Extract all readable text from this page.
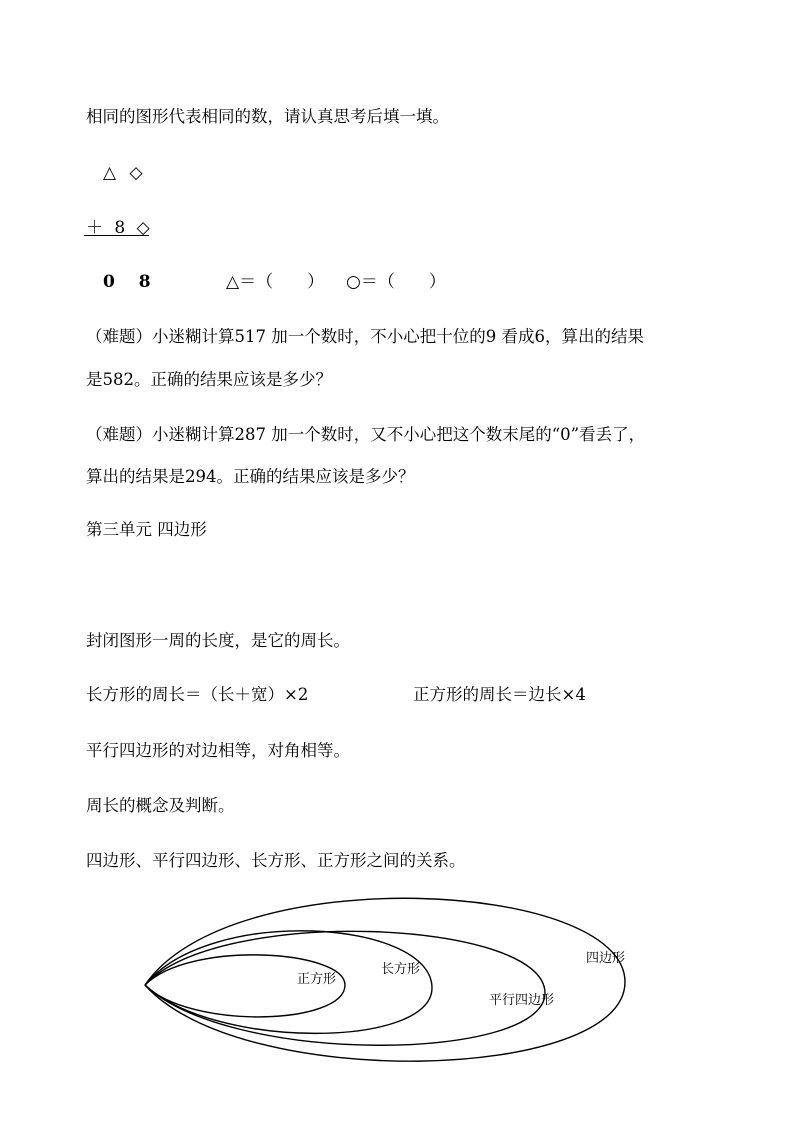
相同的图形代表相同的数，请认真思考后填一填。
△ ◇
＋ 8 ◇
0 8	△＝（　　） ○＝（　　）
（难题）小迷糊计算517 加一个数时，不小心把十位的9 看成6，算出的结果
是582。正确的结果应该是多少？
（难题）小迷糊计算287 加一个数时，又不小心把这个数末尾的“0”看丢了，
算出的结果是294。正确的结果应该是多少？
第三单元 四边形
封闭图形一周的长度，是它的周长。
长方形的周长＝（长＋宽）×2	正方形的周长＝边长×4
平行四边形的对边相等，对角相等。
周长的概念及判断。
四边形、平行四边形、长方形、正方形之间的关系。
正方形
长方形
平行四边形
四边形
